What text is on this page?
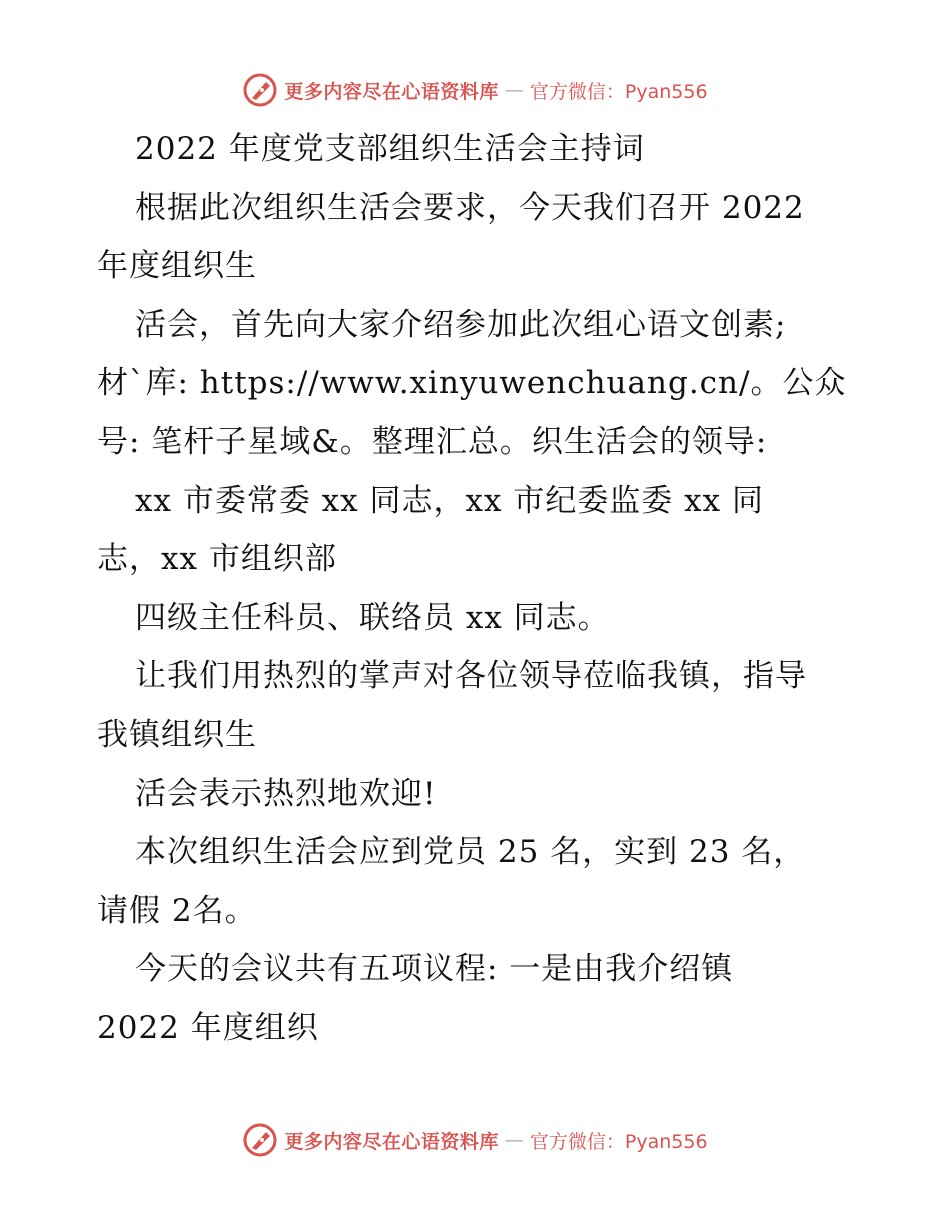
更多内容尽在心语资料库 — 官方微信：Pyan556
2022 年度党支部组织生活会主持词
根据此次组织生活会要求，今天我们召开 2022
年度组织生
活会，首先向大家介绍参加此次组心语文创素;
材`库: https://www.xinyuwenchuang.cn/。公众
号: 笔杆子星域&。整理汇总。织生活会的领导:
xx 市委常委 xx 同志，xx 市纪委监委 xx 同
志，xx 市组织部
四级主任科员、联络员 xx 同志。
让我们用热烈的掌声对各位领导莅临我镇，指导
我镇组织生
活会表示热烈地欢迎!
本次组织生活会应到党员 25 名，实到 23 名，
请假 2名。
今天的会议共有五项议程: 一是由我介绍镇
2022 年度组织
更多内容尽在心语资料库 — 官方微信：Pyan556
